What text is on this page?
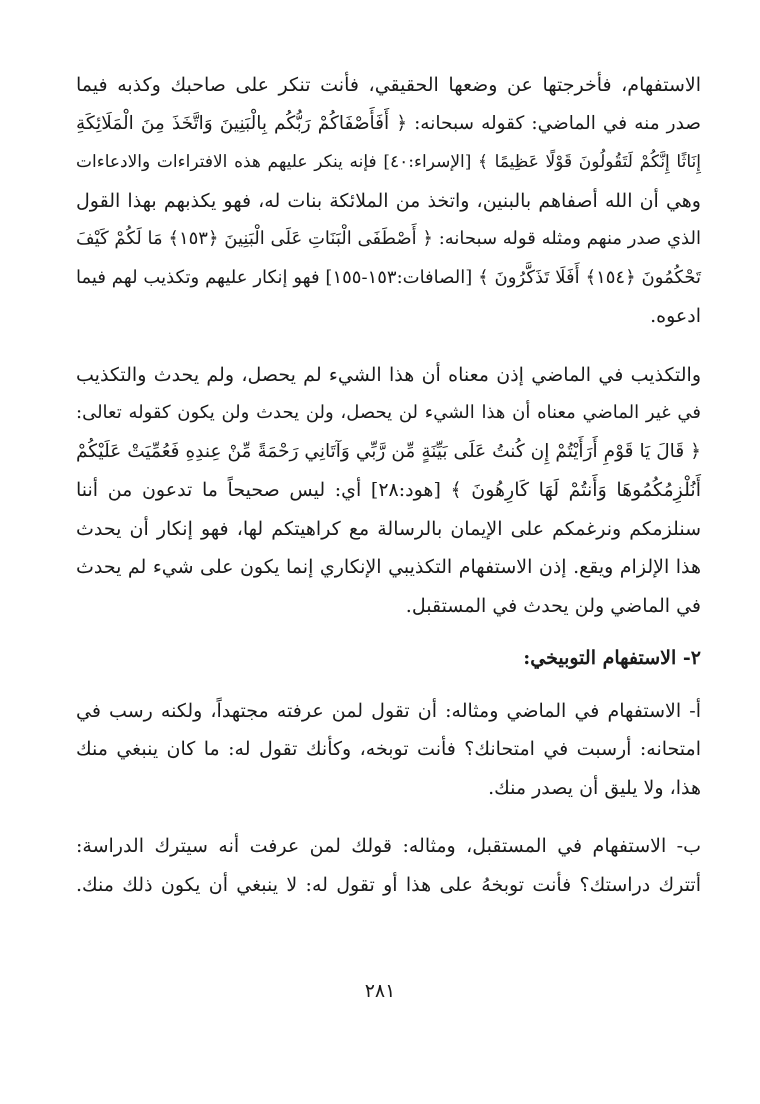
الاستفهام، فأخرجتها عن وضعها الحقيقي، فأنت تنكر على صاحبك وكذبه فيما
صدر منه في الماضي: كقوله سبحانه: ﴿ أَفَأَصْفَاكُمْ رَبُّكُم بِالْبَنِينَ وَاتَّخَذَ مِنَ الْمَلَائِكَةِ
إِنَاثًا إِنَّكُمْ لَتَقُولُونَ قَوْلًا عَظِيمًا ﴾ [الإسراء:٤٠] فإنه ينكر عليهم هذه الافتراءات والادعاءات
وهي أن الله أصفاهم بالبنين، واتخذ من الملائكة بنات له، فهو يكذبهم بهذا القول
الذي صدر منهم ومثله قوله سبحانه: ﴿ أَصْطَفَى الْبَنَاتِ عَلَى الْبَنِينَ ﴿١٥٣﴾ مَا لَكُمْ كَيْفَ
تَحْكُمُونَ ﴿١٥٤﴾ أَفَلَا تَذَكَّرُونَ ﴾ [الصافات:١٥٣-١٥٥] فهو إنكار عليهم وتكذيب لهم فيما
ادعوه.
والتكذيب في الماضي إذن معناه أن هذا الشيء لم يحصل، ولم يحدث والتكذيب
في غير الماضي معناه أن هذا الشيء لن يحصل، ولن يحدث ولن يكون كقوله تعالى:
﴿ قَالَ يَا قَوْمِ أَرَأَيْتُمْ إِن كُنتُ عَلَى بَيِّنَةٍ مِّن رَّبِّي وَآتَانِي رَحْمَةً مِّنْ عِندِهِ فَعُمِّيَتْ عَلَيْكُمْ
أَنُلْزِمُكُمُوهَا وَأَنتُمْ لَهَا كَارِهُونَ ﴾ [هود:٢٨] أي: ليس صحيحاً ما تدعون من أننا
سنلزمكم ونرغمكم على الإيمان بالرسالة مع كراهيتكم لها، فهو إنكار أن يحدث
هذا الإلزام ويقع. إذن الاستفهام التكذيبي الإنكاري إنما يكون على شيء لم يحدث
في الماضي ولن يحدث في المستقبل.
٢- الاستفهام التوبيخي:
أ- الاستفهام في الماضي ومثاله: أن تقول لمن عرفته مجتهداً، ولكنه رسب في
امتحانه: أرسبت في امتحانك؟ فأنت توبخه، وكأنك تقول له: ما كان ينبغي منك
هذا، ولا يليق أن يصدر منك.
ب- الاستفهام في المستقبل، ومثاله: قولك لمن عرفت أنه سيترك الدراسة:
أتترك دراستك؟ فأنت توبخهُ على هذا أو تقول له: لا ينبغي أن يكون ذلك منك.
٢٨١
